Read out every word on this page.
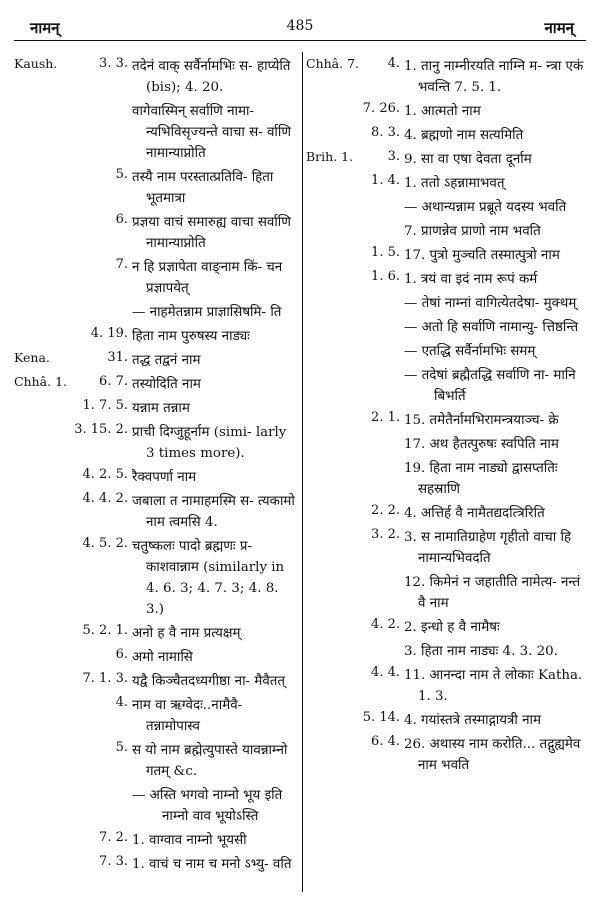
नामन्	485	नामन्
Kaush.	3. 3. तदेनं वाक् सर्वैर्नामभिः स- हाप्येति (bis); 4. 20.
वागेवास्मिन् सर्वाणि नामा- न्यभिविसृज्यन्ते वाचा स- र्वाणि नामान्याप्नोति
5. तस्यै नाम परस्तात्प्रतिवि- हिता भूतमात्रा
6. प्रज्ञया वाचं समारुह्य वाचा सर्वाणि नामान्याप्नोति
7. न हि प्रज्ञापेता वाङ्नाम किं- चन प्रज्ञापयेत्
— नाहमेतन्नाम प्राज्ञासिषमि- ति
4. 19. हिता नाम पुरुषस्य नाड्यः
Kena.	31. तद्ध तद्वनं नाम
Chhâ. 1.	6. 7. तस्योदिति नाम
1. 7. 5. यन्नाम तन्नाम
3. 15. 2. प्राची दिग्जुहूर्नाम (simi- larly 3 times more).
4. 2. 5. रैक्वपर्णा नाम
4. 4. 2. जबाला त नामाहमस्मि स- त्यकामो नाम त्वमसि 4.
4. 5. 2. चतुष्कलः पादो ब्रह्मणः प्र- काशवान्नाम (similarly in 4. 6. 3; 4. 7. 3; 4. 8. 3.)
5. 2. 1. अनो ह वै नाम प्रत्यक्षम्
6. अमो नामासि
7. 1. 3. यद्वै किञ्चैतदध्यगीष्ठा ना- मैवैतत्
4. नाम वा ऋग्वेदः..नामैवै- तन्नामोपास्व
5. स यो नाम ब्रह्मेत्युपास्ते यावन्नाम्नो गतम् &c.
— अस्ति भगवो नाम्नो भूय इति नाम्नो वाव भूयोऽस्ति
7. 2. 1. वाग्वाव नाम्नो भूयसी
7. 3. 1. वाचं च नाम च मनो ऽभ्यु- वति
Chhâ. 7.	4. 1. तानु नाम्नीरयति नाम्नि म- न्त्रा एकं भवन्ति 7. 5. 1.
7. 26. 1. आत्मतो नाम
8. 3. 4. ब्रह्मणो नाम सत्यमिति
Brih. 1.	3. 9. सा वा एषा देवता दूर्नाम
1. 4. 1. ततो ऽहन्नामाभवत्
— अथान्यन्नाम प्रब्रूते यदस्य भवति
7. प्राणन्नेव प्राणो नाम भवति
1. 5. 17. पुत्रो मुञ्चति तस्मात्पुत्रो नाम
1. 6. 1. त्रयं वा इदं नाम रूपं कर्म
— तेषां नाम्नां वागित्येतदेषा- मुक्थम्
— अतो हि सर्वाणि नामान्यु- त्तिष्ठन्ति
— एतद्धि सर्वैर्नामभिः समम्
— तदेषां ब्रह्मैतद्धि सर्वाणि ना- मानि बिभर्ति
2. 1. 15. तमेतैर्नामभिरामन्त्रयाञ्च- क्रे
17. अथ हैतत्पुरुषः स्वपिति नाम
19. हिता नाम नाड्यो द्वासप्ततिः सहस्राणि
2. 2. 4. अत्तिर्ह वै नामैतद्यदत्त्रिरिति
3. 2. 3. स नामातिग्राहेण गृहीतो वाचा हि नामान्यभिवदति
12. किमेनं न जहातीति नामेत्य- नन्तं वै नाम
4. 2. 2. इन्धो ह वै नामैषः
3. हिता नाम नाड्यः 4. 3. 20.
4. 4. 11. आनन्दा नाम ते लोकाः Katha. 1. 3.
5. 14. 4. गयांस्तत्रे तस्माद्गायत्री नाम
6. 4. 26. अथास्य नाम करोति... तद्गुह्यमेव नाम भवति
